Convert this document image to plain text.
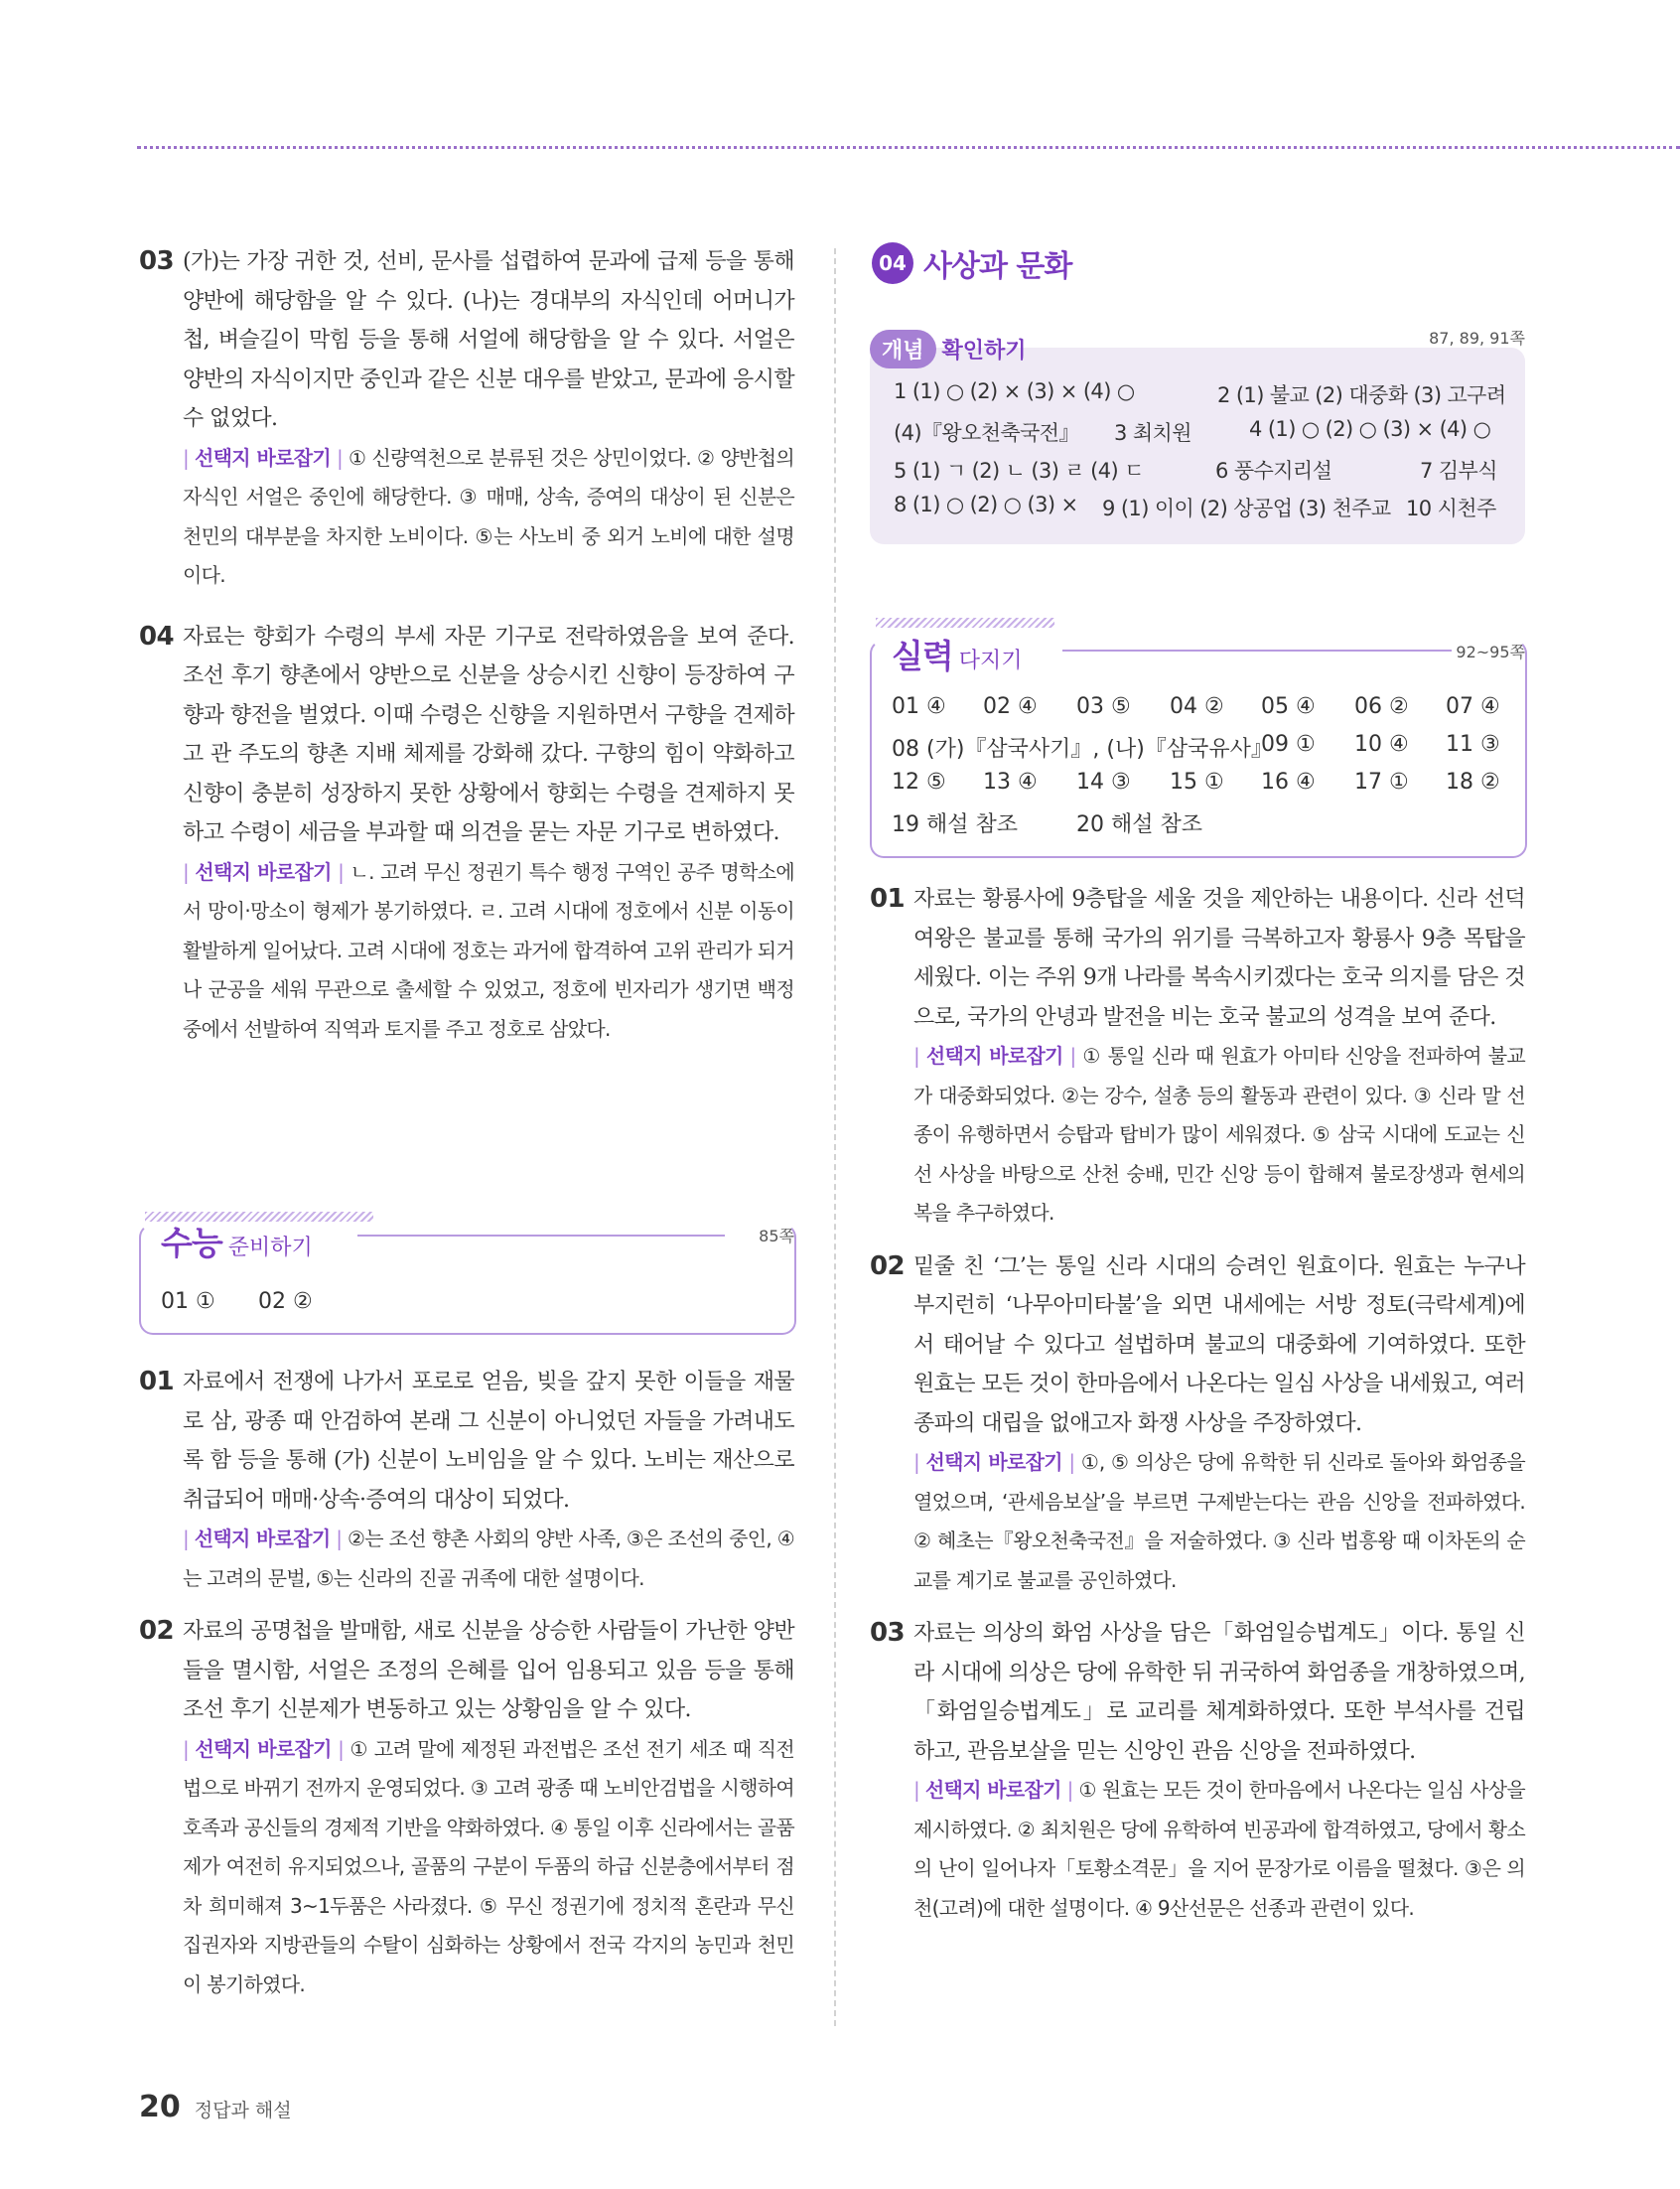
03 (가)는 가장 귀한 것, 선비, 문사를 섭렵하여 문과에 급제 등을 통해 양반에 해당함을 알 수 있다. (나)는 경대부의 자식인데 어머니가 첩, 벼슬길이 막힘 등을 통해 서얼에 해당함을 알 수 있다. 서얼은 양반의 자식이지만 중인과 같은 신분 대우를 받았고, 문과에 응시할 수 없었다.

| 선택지 바로잡기 | ① 신량역천으로 분류된 것은 상민이었다. ② 양반첩의 자식인 서얼은 중인에 해당한다. ③ 매매, 상속, 증여의 대상이 된 신분은 천민의 대부분을 차지한 노비이다. ⑤는 사노비 중 외거 노비에 대한 설명이다.

04 자료는 향회가 수령의 부세 자문 기구로 전락하였음을 보여 준다. 조선 후기 향촌에서 양반으로 신분을 상승시킨 신향이 등장하여 구향과 향전을 벌였다. 이때 수령은 신향을 지원하면서 구향을 견제하고 관 주도의 향촌 지배 체제를 강화해 갔다. 구향의 힘이 약화하고 신향이 충분히 성장하지 못한 상황에서 향회는 수령을 견제하지 못하고 수령이 세금을 부과할 때 의견을 묻는 자문 기구로 변하였다.

| 선택지 바로잡기 | ㄴ. 고려 무신 정권기 특수 행정 구역인 공주 명학소에서 망이·망소이 형제가 봉기하였다. ㄹ. 고려 시대에 정호에서 신분 이동이 활발하게 일어났다. 고려 시대에 정호는 과거에 합격하여 고위 관리가 되거나 군공을 세워 무관으로 출세할 수 있었고, 정호에 빈자리가 생기면 백정 중에서 선발하여 직역과 토지를 주고 정호로 삼았다.

수능 준비하기	85쪽
01 ① 02 ②

01 자료에서 전쟁에 나가서 포로로 얻음, 빚을 갚지 못한 이들을 재물로 삼, 광종 때 안검하여 본래 그 신분이 아니었던 자들을 가려내도록 함 등을 통해 (가) 신분이 노비임을 알 수 있다. 노비는 재산으로 취급되어 매매·상속·증여의 대상이 되었다.

| 선택지 바로잡기 | ②는 조선 향촌 사회의 양반 사족, ③은 조선의 중인, ④는 고려의 문벌, ⑤는 신라의 진골 귀족에 대한 설명이다.

02 자료의 공명첩을 발매함, 새로 신분을 상승한 사람들이 가난한 양반들을 멸시함, 서얼은 조정의 은혜를 입어 임용되고 있음 등을 통해 조선 후기 신분제가 변동하고 있는 상황임을 알 수 있다.

| 선택지 바로잡기 | ① 고려 말에 제정된 과전법은 조선 전기 세조 때 직전법으로 바뀌기 전까지 운영되었다. ③ 고려 광종 때 노비안검법을 시행하여 호족과 공신들의 경제적 기반을 약화하였다. ④ 통일 이후 신라에서는 골품제가 여전히 유지되었으나, 골품의 구분이 두품의 하급 신분층에서부터 점차 희미해져 3~1두품은 사라졌다. ⑤ 무신 정권기에 정치적 혼란과 무신 집권자와 지방관들의 수탈이 심화하는 상황에서 전국 각지의 농민과 천민이 봉기하였다.

04 사상과 문화
개념 확인하기	87, 89, 91쪽
1 (1) ○ (2) × (3) × (4) ○	2 (1) 불교 (2) 대중화 (3) 고구려
(4)『왕오천축국전』 3 최치원	4 (1) ○ (2) ○ (3) × (4) ○
5 (1) ㄱ (2) ㄴ (3) ㄹ (4) ㄷ	6 풍수지리설	7 김부식
8 (1) ○ (2) ○ (3) × 9 (1) 이이 (2) 상공업 (3) 천주교 10 시천주
실력 다지기	92~95쪽
01 ④ 02 ④ 03 ⑤ 04 ② 05 ④ 06 ② 07 ④
08 (가)『삼국사기』, (나)『삼국유사』
09 ① 10 ④ 11 ③
12 ⑤ 13 ④ 14 ③ 15 ① 16 ④ 17 ① 18 ②
19 해설 참조	20 해설 참조

01 자료는 황룡사에 9층탑을 세울 것을 제안하는 내용이다. 신라 선덕 여왕은 불교를 통해 국가의 위기를 극복하고자 황룡사 9층 목탑을 세웠다. 이는 주위 9개 나라를 복속시키겠다는 호국 의지를 담은 것으로, 국가의 안녕과 발전을 비는 호국 불교의 성격을 보여 준다.

| 선택지 바로잡기 | ① 통일 신라 때 원효가 아미타 신앙을 전파하여 불교가 대중화되었다. ②는 강수, 설총 등의 활동과 관련이 있다. ③ 신라 말 선종이 유행하면서 승탑과 탑비가 많이 세워졌다. ⑤ 삼국 시대에 도교는 신선 사상을 바탕으로 산천 숭배, 민간 신앙 등이 합해져 불로장생과 현세의 복을 추구하였다.

02 밑줄 친 ‘그’는 통일 신라 시대의 승려인 원효이다. 원효는 누구나 부지런히 ‘나무아미타불’을 외면 내세에는 서방 정토(극락세계)에서 태어날 수 있다고 설법하며 불교의 대중화에 기여하였다. 또한 원효는 모든 것이 한마음에서 나온다는 일심 사상을 내세웠고, 여러 종파의 대립을 없애고자 화쟁 사상을 주장하였다.

| 선택지 바로잡기 | ①, ⑤ 의상은 당에 유학한 뒤 신라로 돌아와 화엄종을 열었으며, ‘관세음보살’을 부르면 구제받는다는 관음 신앙을 전파하였다. ② 혜초는『왕오천축국전』을 저술하였다. ③ 신라 법흥왕 때 이차돈의 순교를 계기로 불교를 공인하였다.

03 자료는 의상의 화엄 사상을 담은「화엄일승법계도」이다. 통일 신라 시대에 의상은 당에 유학한 뒤 귀국하여 화엄종을 개창하였으며,「화엄일승법계도」로 교리를 체계화하였다. 또한 부석사를 건립하고, 관음보살을 믿는 신앙인 관음 신앙을 전파하였다.

| 선택지 바로잡기 | ① 원효는 모든 것이 한마음에서 나온다는 일심 사상을 제시하였다. ② 최치원은 당에 유학하여 빈공과에 합격하였고, 당에서 황소의 난이 일어나자「토황소격문」을 지어 문장가로 이름을 떨쳤다. ③은 의천(고려)에 대한 설명이다. ④ 9산선문은 선종과 관련이 있다.

20 정답과 해설
